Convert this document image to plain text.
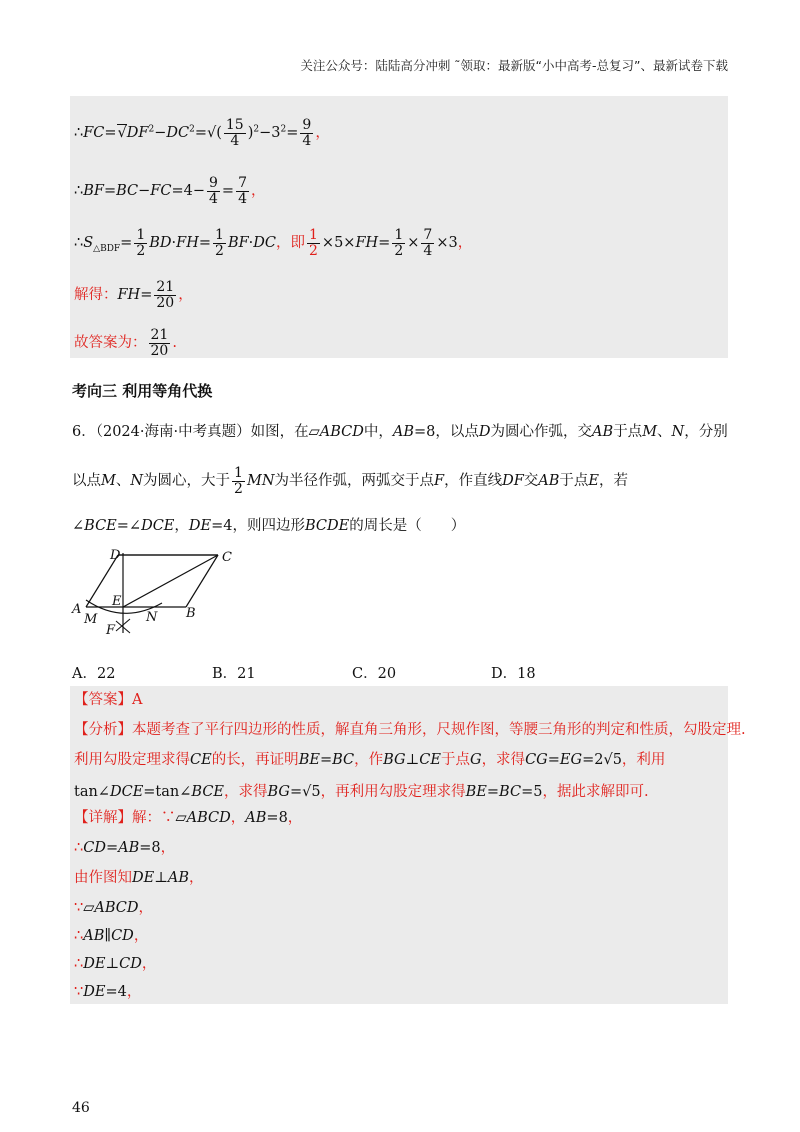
关注公众号：陆陆高分冲刺 ˜领取：最新版“小中高考-总复习”、最新试卷下载
$\therefore FC=√DF^2-DC^2=√( \frac{15}{4} )^2-3^2= \frac{9}{4}$ ，
∴BF=BC−FC=4− $\frac{9}{4} = \frac{7}{4}$ ，
$\therefore S_{\triangle BDF}= \frac{1}{2} BD\cdot FH= \frac{1}{2} BF\cdot DC$，即 $\frac{1}{2} \times 5\times FH= \frac{1}{2} \times \frac{7}{4} \times 3$，
解得：$FH= \frac{21}{20}$ ，
故答案为： $\frac{21}{20}$ .
考向三 利用等角代换
6．（2024·海南·中考真题）如图，在▱ABCD中，AB=8，以点D为圆心作弧，交AB于点M、N，分别
以点M、N为圆心，大于 $\frac{1}{2}$ MN为半径作弧，两弧交于点F，作直线DF交AB于点E，若
∠BCE=∠DCE，DE=4，则四边形BCDE的周长是（　　）
D	C
A
E
B
M	N
F
A．22	B．21	C．20	D．18
【答案】A
【分析】本题考查了平行四边形的性质，解直角三角形，尺规作图，等腰三角形的判定和性质，勾股定理.
利用勾股定理求得CE的长，再证明BE=BC，作BG⊥CE于点G，求得CG=EG=2√5，利用
tan∠DCE=tan∠BCE，求得BG=√5，再利用勾股定理求得BE=BC=5，据此求解即可.
【详解】解：∵▱ABCD，AB=8，
∴CD=AB=8，
由作图知DE⊥AB，
∵▱ABCD，
∴AB∥CD，
∴DE⊥CD，
∵DE=4，
46
